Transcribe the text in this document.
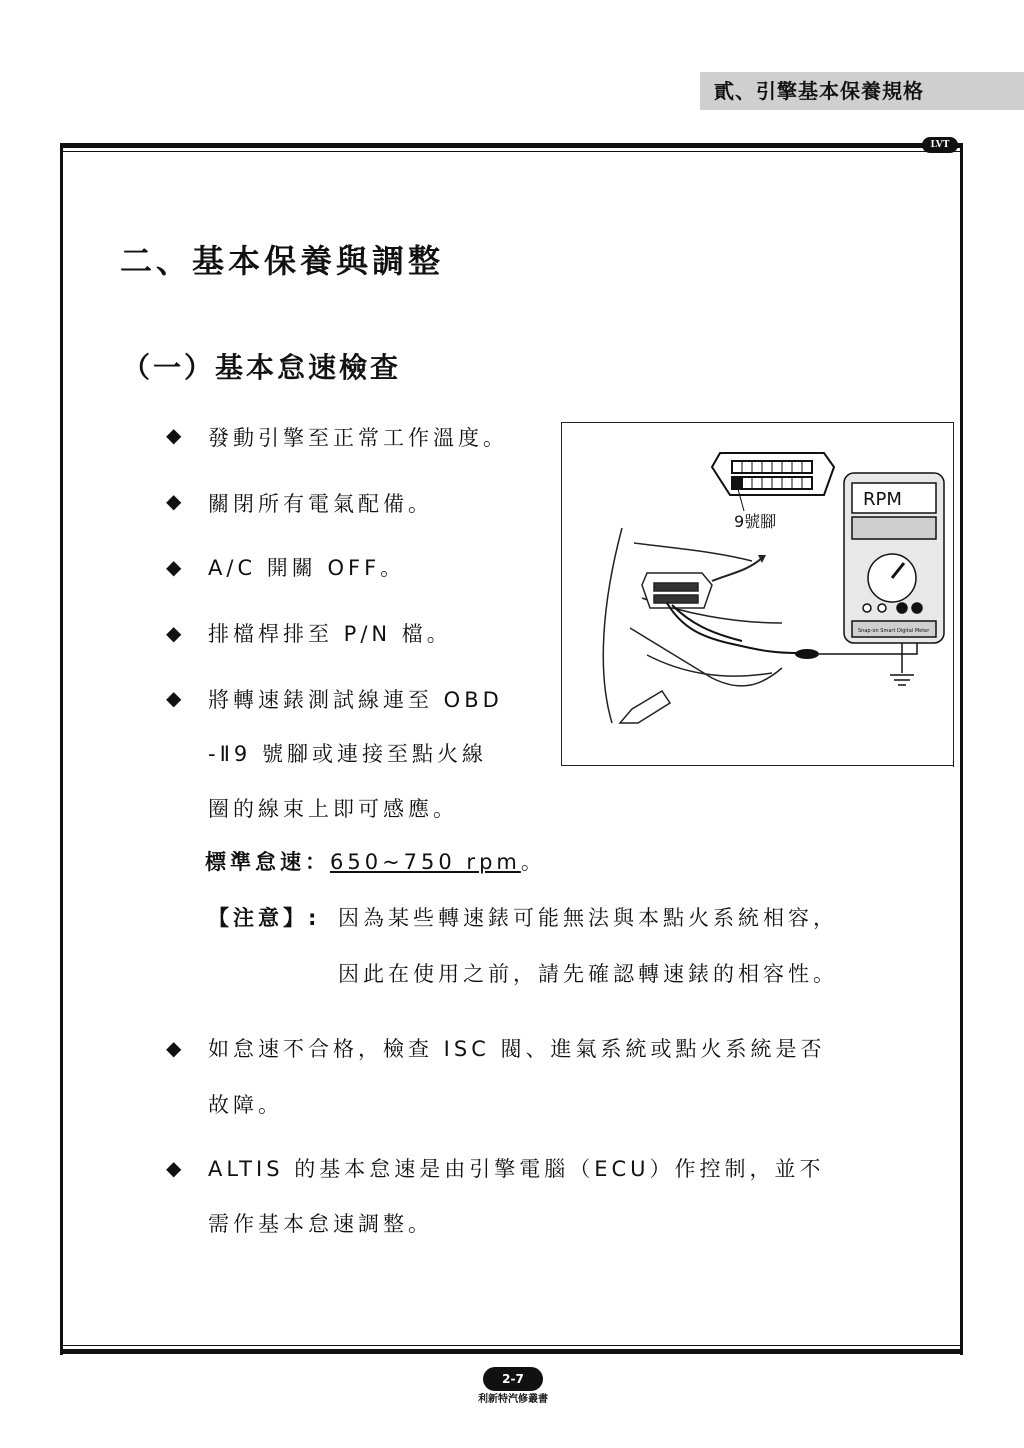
貳、引擎基本保養規格
LVT
二、基本保養與調整
（一）基本怠速檢查
◆ 發動引擎至正常工作溫度。
◆ 關閉所有電氣配備。
◆ A/C 開關 OFF。
◆ 排檔桿排至 P/N 檔。
◆ 將轉速錶測試線連至 OBD
-Ⅱ9 號腳或連接至點火線
圈的線束上即可感應。
標準怠速：650~750 rpm。
【注意】: 因為某些轉速錶可能無法與本點火系統相容，
因此在使用之前，請先確認轉速錶的相容性。
◆ 如怠速不合格，檢查 ISC 閥、進氣系統或點火系統是否
故障。
◆ ALTIS 的基本怠速是由引擎電腦（ECU）作控制，並不
需作基本怠速調整。
9號腳
RPM
Snap-on Smart Digital Meter
2-7
利新特汽修叢書
